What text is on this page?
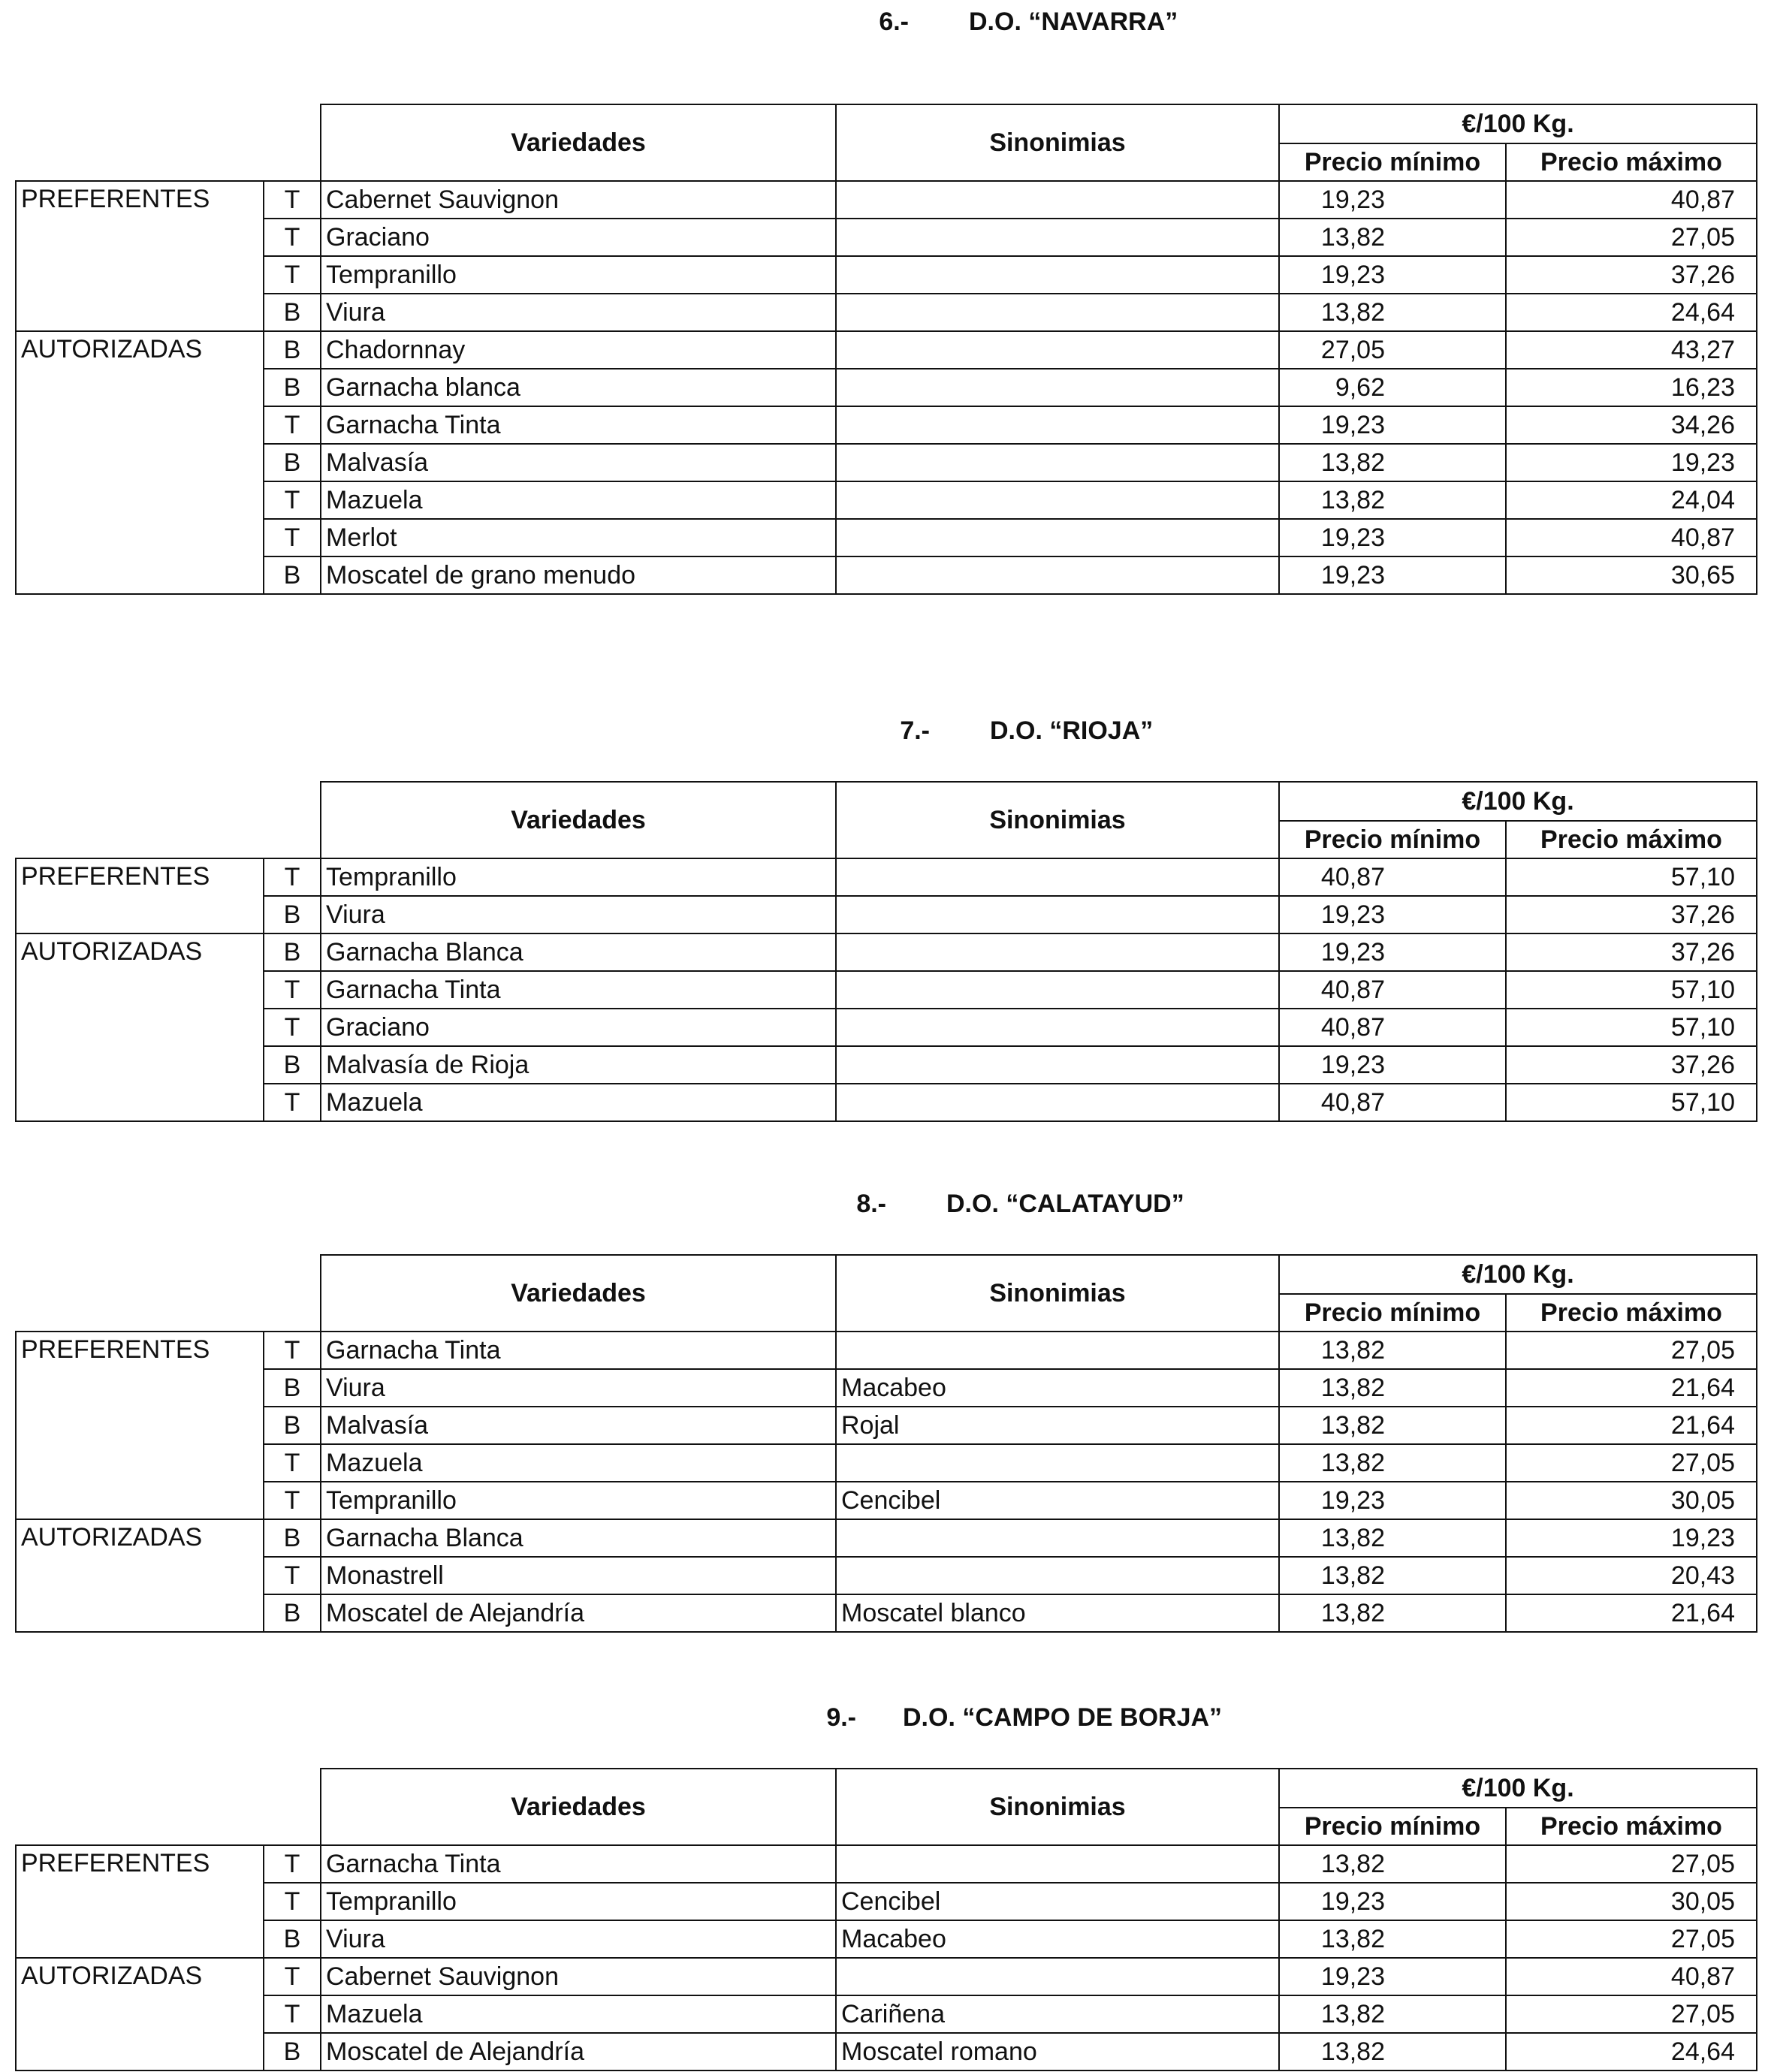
6.- D.O. “NAVARRA”
		Variedades	Sinonimias	€/100 Kg.	
				Precio mínimo	Precio máximo
PREFERENTES	T	Cabernet Sauvignon		19,23	40,87
	T	Graciano		13,82	27,05
	T	Tempranillo		19,23	37,26
	B	Viura		13,82	24,64
AUTORIZADAS	B	Chadornnay		27,05	43,27
	B	Garnacha blanca		9,62	16,23
	T	Garnacha Tinta		19,23	34,26
	B	Malvasía		13,82	19,23
	T	Mazuela		13,82	24,04
	T	Merlot		19,23	40,87
	B	Moscatel de grano menudo		19,23	30,65
7.- D.O. “RIOJA”
		Variedades	Sinonimias	€/100 Kg.	
				Precio mínimo	Precio máximo
PREFERENTES	T	Tempranillo		40,87	57,10
	B	Viura		19,23	37,26
AUTORIZADAS	B	Garnacha Blanca		19,23	37,26
	T	Garnacha Tinta		40,87	57,10
	T	Graciano		40,87	57,10
	B	Malvasía de Rioja		19,23	37,26
	T	Mazuela		40,87	57,10
8.- D.O. “CALATAYUD”
		Variedades	Sinonimias	€/100 Kg.	
				Precio mínimo	Precio máximo
PREFERENTES	T	Garnacha Tinta		13,82	27,05
	B	Viura	Macabeo	13,82	21,64
	B	Malvasía	Rojal	13,82	21,64
	T	Mazuela		13,82	27,05
	T	Tempranillo	Cencibel	19,23	30,05
AUTORIZADAS	B	Garnacha Blanca		13,82	19,23
	T	Monastrell		13,82	20,43
	B	Moscatel de Alejandría	Moscatel blanco	13,82	21,64
9.- D.O. “CAMPO DE BORJA”
		Variedades	Sinonimias	€/100 Kg.	
				Precio mínimo	Precio máximo
PREFERENTES	T	Garnacha Tinta		13,82	27,05
	T	Tempranillo	Cencibel	19,23	30,05
	B	Viura	Macabeo	13,82	27,05
AUTORIZADAS	T	Cabernet Sauvignon		19,23	40,87
	T	Mazuela	Cariñena	13,82	27,05
	B	Moscatel de Alejandría	Moscatel romano	13,82	24,64
